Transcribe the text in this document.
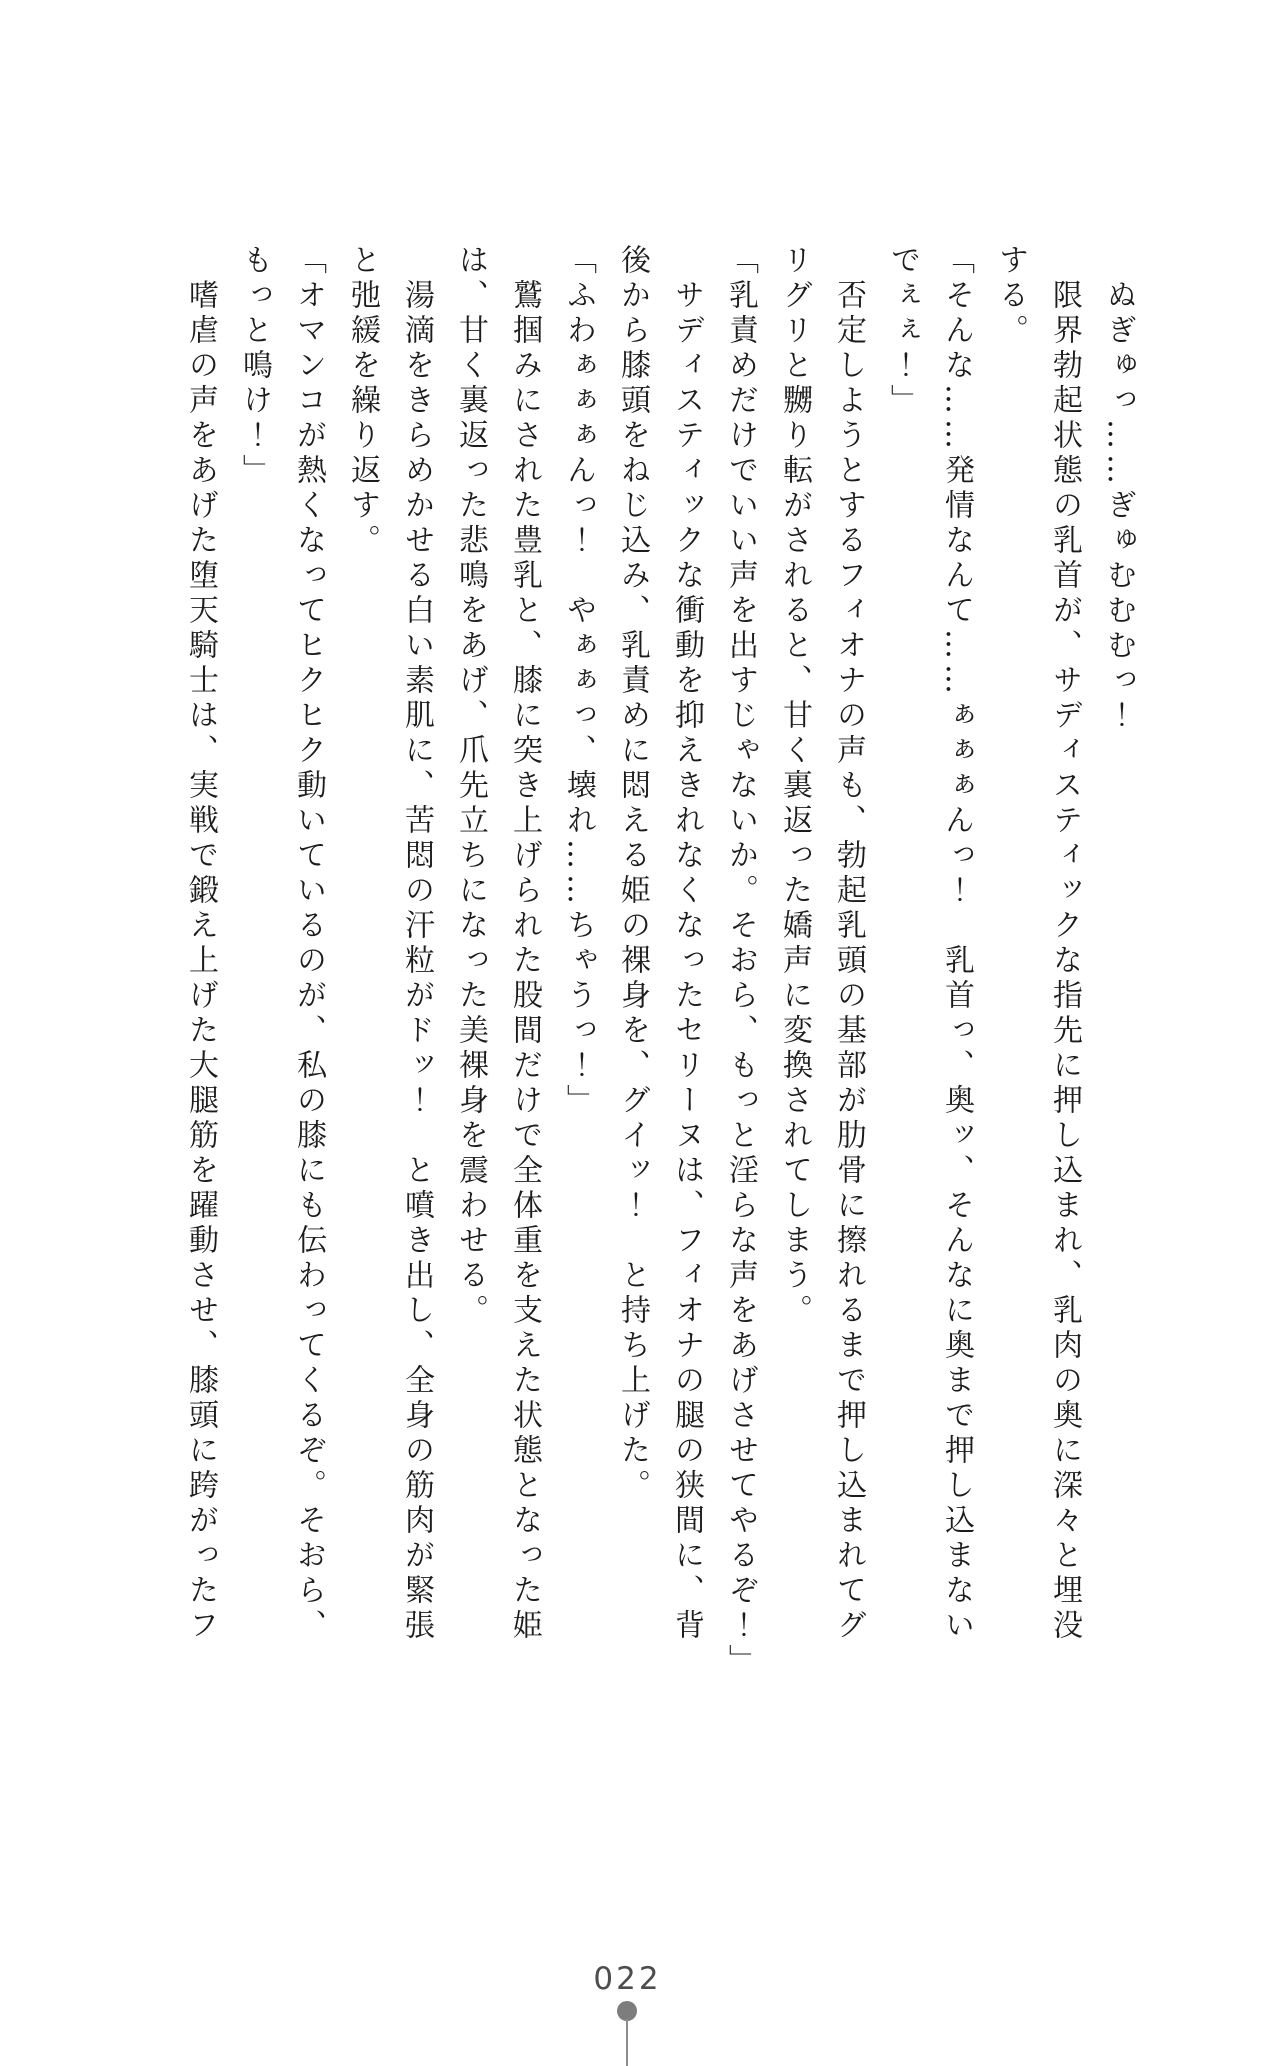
　ぬぎゅっ……ぎゅむむむっ！

　限界勃起状態の乳首が、サディスティックな指先に押し込まれ、乳肉の奥に深々と埋没

する。

「そんな……発情なんて……ぁぁぁんっ！　乳首っ、奥ッ、そんなに奥まで押し込まない

でぇぇ！」

　否定しようとするフィオナの声も、勃起乳頭の基部が肋骨に擦れるまで押し込まれてグ

リグリと嬲り転がされると、甘く裏返った嬌声に変換されてしまう。

「乳責めだけでいい声を出すじゃないか。そおら、もっと淫らな声をあげさせてやるぞ！」

　サディスティックな衝動を抑えきれなくなったセリーヌは、フィオナの腿の狭間に、背

後から膝頭をねじ込み、乳責めに悶える姫の裸身を、グイッ！　と持ち上げた。

「ふわぁぁぁんっ！　やぁぁっ、壊れ……ちゃうっ！」

　鷲掴みにされた豊乳と、膝に突き上げられた股間だけで全体重を支えた状態となった姫

は、甘く裏返った悲鳴をあげ、爪先立ちになった美裸身を震わせる。

　湯滴をきらめかせる白い素肌に、苦悶の汗粒がドッ！　と噴き出し、全身の筋肉が緊張

と弛緩を繰り返す。

「オマンコが熱くなってヒクヒク動いているのが、私の膝にも伝わってくるぞ。そおら、

もっと鳴け！」

　嗜虐の声をあげた堕天騎士は、実戦で鍛え上げた大腿筋を躍動させ、膝頭に跨がったフ

022
